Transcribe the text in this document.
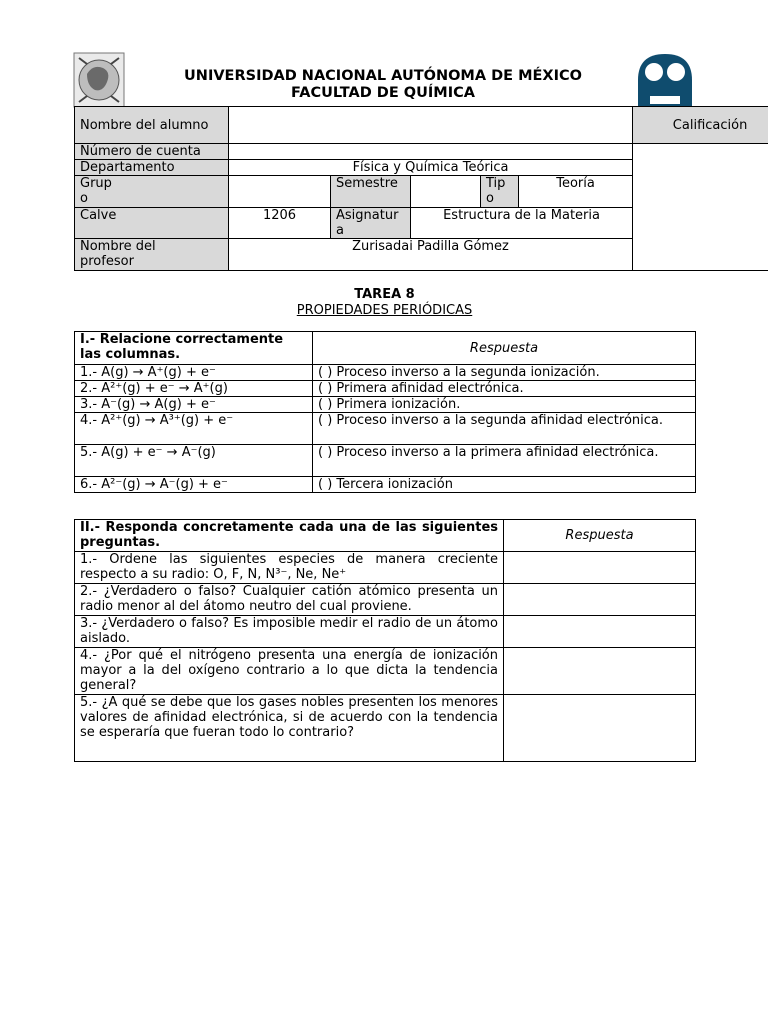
UNIVERSIDAD NACIONAL AUTÓNOMA DE MÉXICO
FACULTAD DE QUÍMICA
Nombre del alumno						Calificación
Número de cuenta						
Departamento	Física y Química Teórica					
Grupo		Semestre		Tipo	Teoría	
Calve	1206	Asignatura	Estructura de la Materia			
Nombre del profesor	Zurisadai Padilla Gómez					
TAREA 8
PROPIEDADES PERIÓDICAS
I.- Relacione correctamente las columnas.	Respuesta
1.- A(g) → A⁺(g) + e⁻	( ) Proceso inverso a la segunda ionización.
2.- A²⁺(g) + e⁻ → A⁺(g)	( ) Primera afinidad electrónica.
3.- A⁻(g) → A(g) + e⁻	( ) Primera ionización.
4.- A²⁺(g) → A³⁺(g) + e⁻	( ) Proceso inverso a la segunda afinidad electrónica.
5.- A(g) + e⁻ → A⁻(g)	( ) Proceso inverso a la primera afinidad electrónica.
6.- A²⁻(g) → A⁻(g) + e⁻	( ) Tercera ionización
II.- Responda concretamente cada una de las siguientes preguntas.	Respuesta
1.- Ordene las siguientes especies de manera creciente respecto a su radio: O, F, N, N³⁻, Ne, Ne⁺	
2.- ¿Verdadero o falso? Cualquier catión atómico presenta un radio menor al del átomo neutro del cual proviene.	
3.- ¿Verdadero o falso? Es imposible medir el radio de un átomo aislado.	
4.- ¿Por qué el nitrógeno presenta una energía de ionización mayor a la del oxígeno contrario a lo que dicta la tendencia general?	
5.- ¿A qué se debe que los gases nobles presenten los menores valores de afinidad electrónica, si de acuerdo con la tendencia se esperaría que fueran todo lo contrario?	
